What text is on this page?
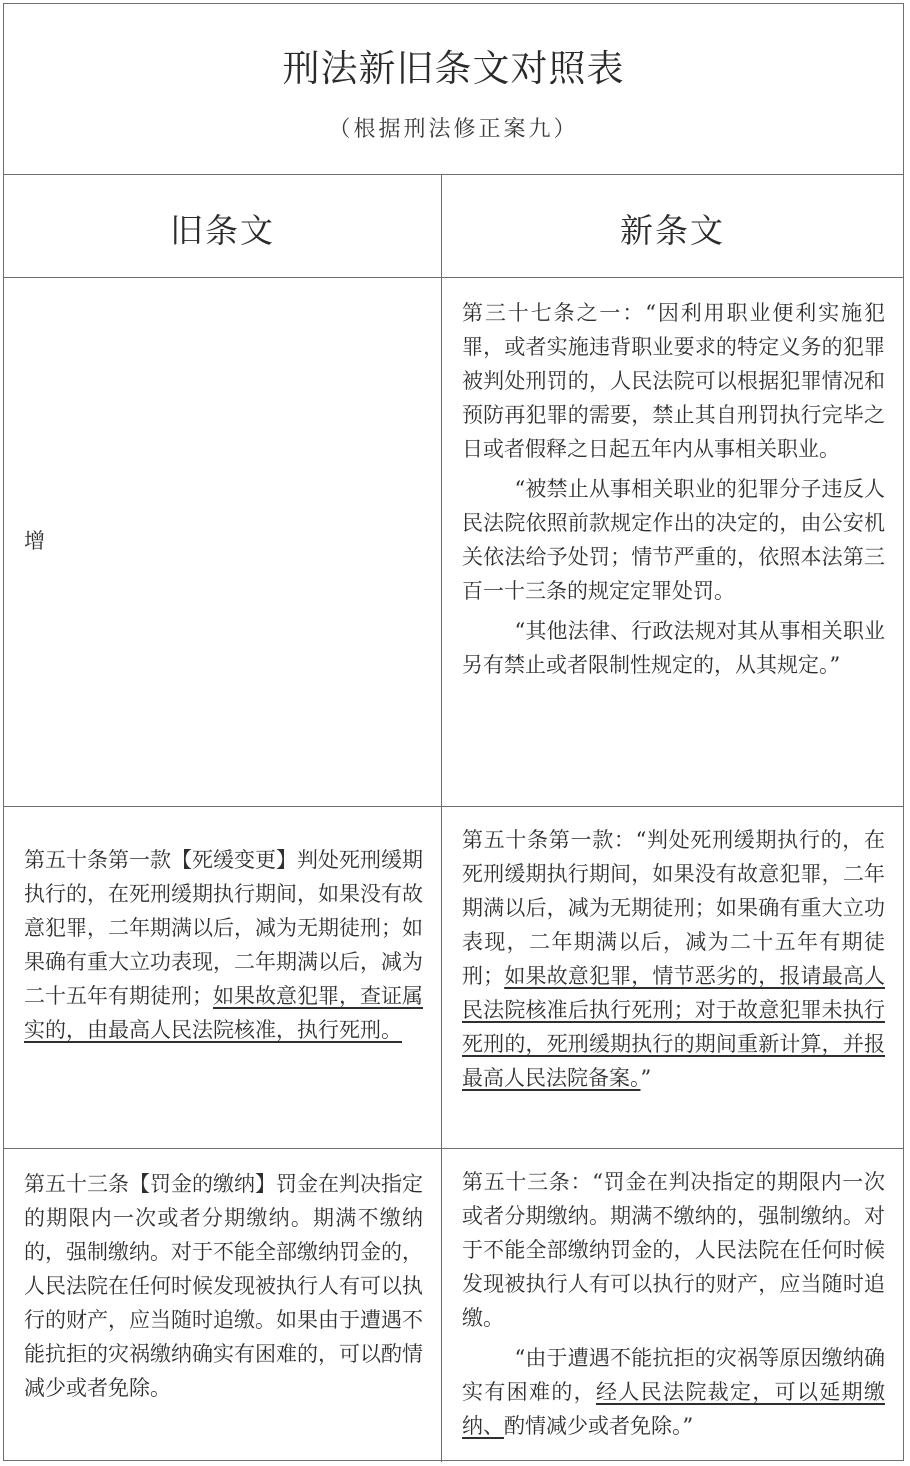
刑法新旧条文对照表
（根据刑法修正案九）
旧条文	新条文
增

第三十七条之一：“因利用职业便利实施犯罪，或者实施违背职业要求的特定义务的犯罪被判处刑罚的，人民法院可以根据犯罪情况和预防再犯罪的需要，禁止其自刑罚执行完毕之日或者假释之日起五年内从事相关职业。

“被禁止从事相关职业的犯罪分子违反人民法院依照前款规定作出的决定的，由公安机关依法给予处罚；情节严重的，依照本法第三百一十三条的规定定罪处罚。

“其他法律、行政法规对其从事相关职业另有禁止或者限制性规定的，从其规定。”

第五十条第一款【死缓变更】判处死刑缓期执行的，在死刑缓期执行期间，如果没有故意犯罪，二年期满以后，减为无期徒刑；如果确有重大立功表现，二年期满以后，减为二十五年有期徒刑；如果故意犯罪，查证属实的，由最高人民法院核准，执行死刑。

第五十条第一款：“判处死刑缓期执行的，在死刑缓期执行期间，如果没有故意犯罪，二年期满以后，减为无期徒刑；如果确有重大立功表现，二年期满以后，减为二十五年有期徒刑；如果故意犯罪，情节恶劣的，报请最高人民法院核准后执行死刑；对于故意犯罪未执行死刑的，死刑缓期执行的期间重新计算，并报最高人民法院备案。”

第五十三条【罚金的缴纳】罚金在判决指定的期限内一次或者分期缴纳。期满不缴纳的，强制缴纳。对于不能全部缴纳罚金的，人民法院在任何时候发现被执行人有可以执行的财产，应当随时追缴。如果由于遭遇不能抗拒的灾祸缴纳确实有困难的，可以酌情减少或者免除。

第五十三条：“罚金在判决指定的期限内一次或者分期缴纳。期满不缴纳的，强制缴纳。对于不能全部缴纳罚金的，人民法院在任何时候发现被执行人有可以执行的财产，应当随时追缴。

“由于遭遇不能抗拒的灾祸等原因缴纳确实有困难的，经人民法院裁定，可以延期缴纳、酌情减少或者免除。”
